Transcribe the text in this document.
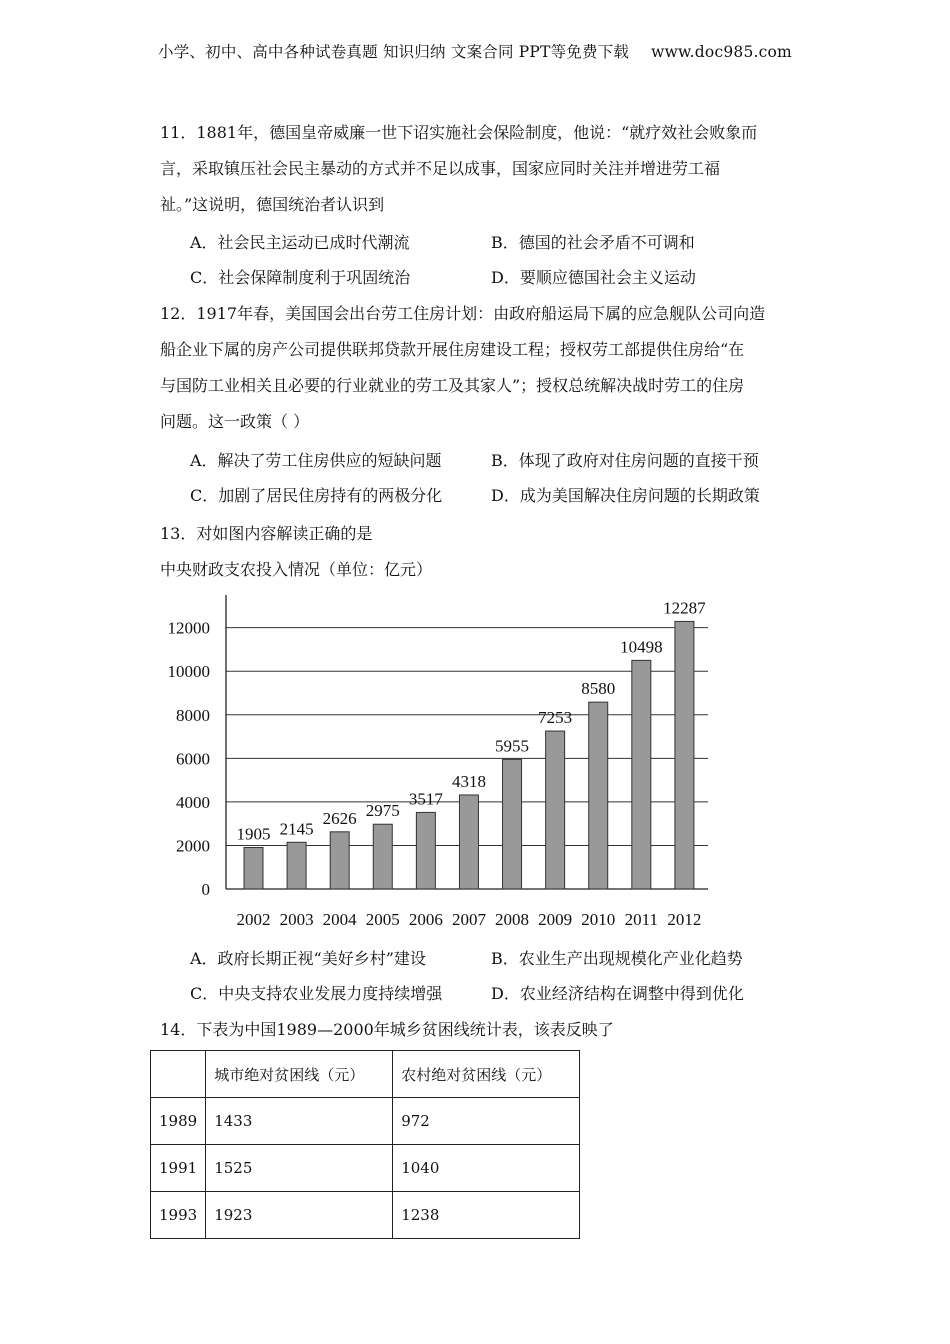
小学、初中、高中各种试卷真题 知识归纳 文案合同 PPT等免费下载 www.doc985.com
11．1881年，德国皇帝威廉一世下诏实施社会保险制度，他说：“就疗效社会败象而
言，采取镇压社会民主暴动的方式并不足以成事，国家应同时关注并增进劳工福
祉。”这说明，德国统治者认识到
A．社会民主运动已成时代潮流	B．德国的社会矛盾不可调和
C．社会保障制度利于巩固统治	D．要顺应德国社会主义运动
12．1917年春，美国国会出台劳工住房计划：由政府船运局下属的应急舰队公司向造
船企业下属的房产公司提供联邦贷款开展住房建设工程；授权劳工部提供住房给“在
与国防工业相关且必要的行业就业的劳工及其家人”；授权总统解决战时劳工的住房
问题。这一政策（ ）
A．解决了劳工住房供应的短缺问题	B．体现了政府对住房问题的直接干预
C．加剧了居民住房持有的两极分化	D．成为美国解决住房问题的长期政策
13．对如图内容解读正确的是
中央财政支农投入情况（单位：亿元）
0
2000
4000
6000
8000
10000
12000
1905
2002
2145
2003
2626
2004
2975
2005
3517
2006
4318
2007
5955
2008
7253
2009
8580
2010
10498
2011
12287
2012
A．政府长期正视“美好乡村”建设	B．农业生产出现规模化产业化趋势
C．中央支持农业发展力度持续增强	D．农业经济结构在调整中得到优化
14．下表为中国1989—2000年城乡贫困线统计表，该表反映了
	城市绝对贫困线（元）	农村绝对贫困线（元）
1989	1433	972
1991	1525	1040
1993	1923	1238
